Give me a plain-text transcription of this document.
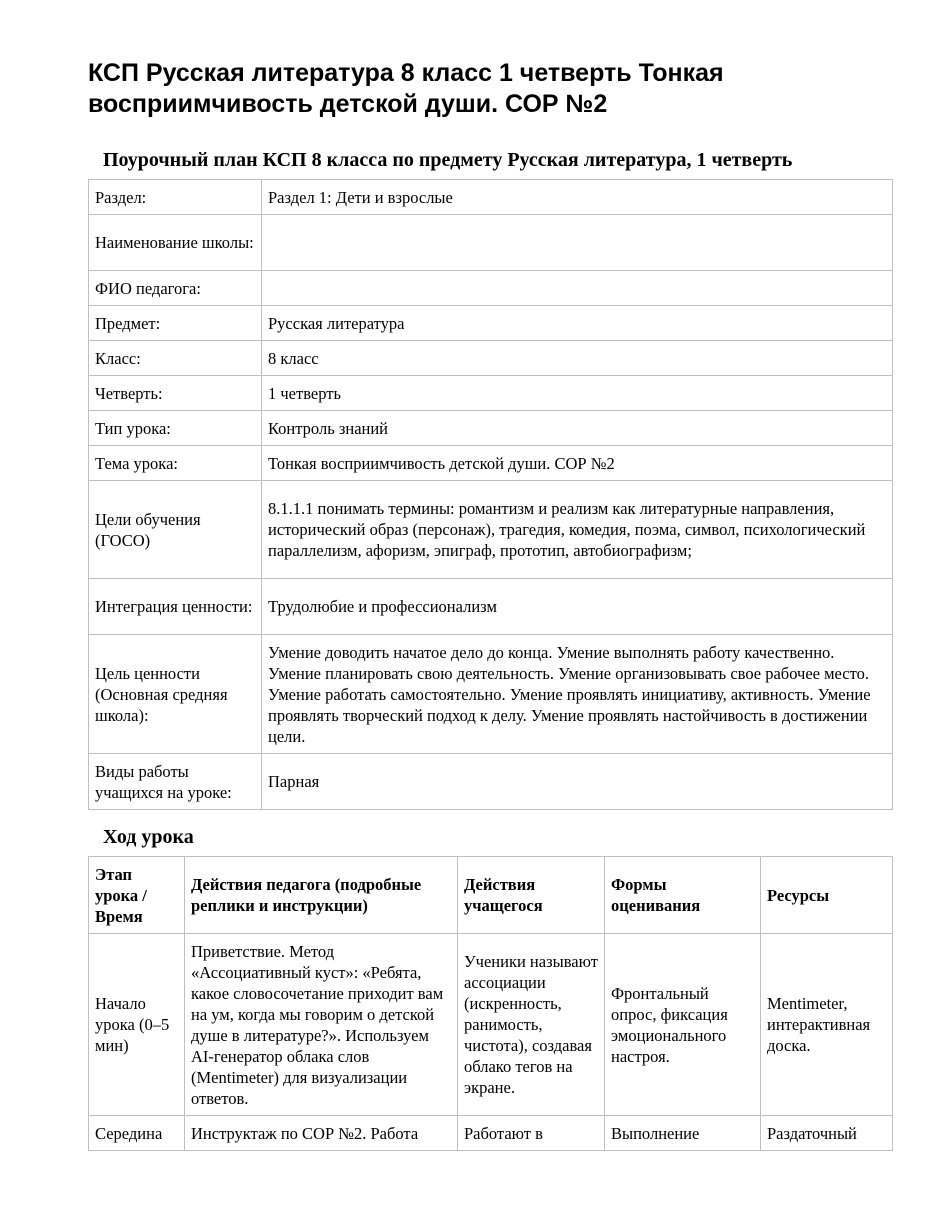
КСП Русская литература 8 класс 1 четверть Тонкая восприимчивость детской души. СОР №2
Поурочный план КСП 8 класса по предмету Русская литература, 1 четверть
Раздел:	Раздел 1: Дети и взрослые
Наименование школы:	
ФИО педагога:	
Предмет:	Русская литература
Класс:	8 класс
Четверть:	1 четверть
Тип урока:	Контроль знаний
Тема урока:	Тонкая восприимчивость детской души. СОР №2
Цели обучения (ГОСО)	8.1.1.1 понимать термины: романтизм и реализм как литературные направления, исторический образ (персонаж), трагедия, комедия, поэма, символ, психологический параллелизм, афоризм, эпиграф, прототип, автобиографизм;
Интеграция ценности:	Трудолюбие и профессионализм
Цель ценности (Основная средняя школа):	Умение доводить начатое дело до конца. Умение выполнять работу качественно. Умение планировать свою деятельность. Умение организовывать свое рабочее место. Умение работать самостоятельно. Умение проявлять инициативу, активность. Умение проявлять творческий подход к делу. Умение проявлять настойчивость в достижении цели.
Виды работы учащихся на уроке:	Парная
Ход урока
Этап урока / Время	Действия педагога (подробные реплики и инструкции)	Действия учащегося	Формы оценивания	Ресурсы
Начало урока (0–5 мин)	Приветствие. Метод «Ассоциативный куст»: «Ребята, какое словосочетание приходит вам на ум, когда мы говорим о детской душе в литературе?». Используем AI-генератор облака слов (Mentimeter) для визуализации ответов.	Ученики называют ассоциации (искренность, ранимость, чистота), создавая облако тегов на экране.	Фронтальный опрос, фиксация эмоционального настроя.	Mentimeter, интерактивная доска.
Середина	Инструктаж по СОР №2. Работа	Работают в	Выполнение	Раздаточный
